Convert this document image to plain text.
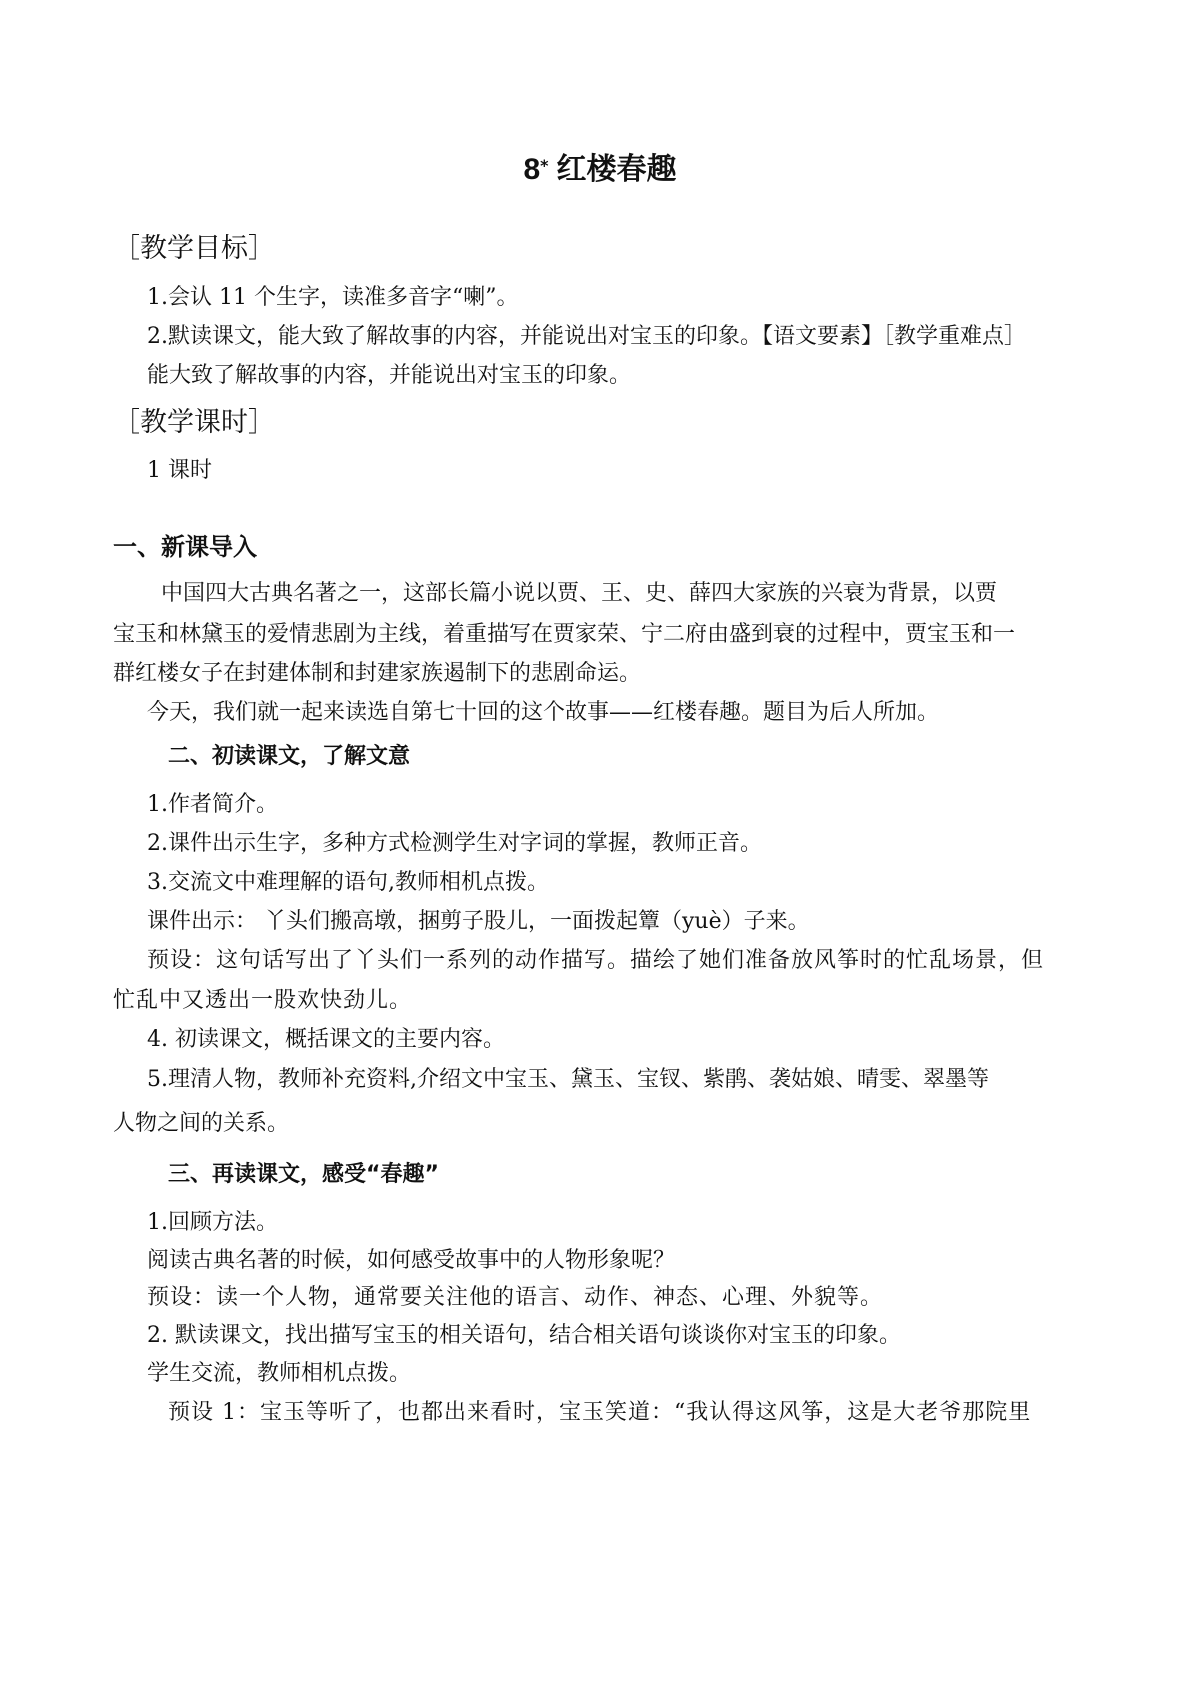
8* 红楼春趣
［教学目标］
1.会认 11 个生字，读准多音字“喇”。
2.默读课文，能大致了解故事的内容，并能说出对宝玉的印象。【语文要素】［教学重难点］
能大致了解故事的内容，并能说出对宝玉的印象。
［教学课时］
1 课时
一、新课导入
中国四大古典名著之一，这部长篇小说以贾、王、史、薛四大家族的兴衰为背景，以贾
宝玉和林黛玉的爱情悲剧为主线，着重描写在贾家荣、宁二府由盛到衰的过程中，贾宝玉和一
群红楼女子在封建体制和封建家族遏制下的悲剧命运。
今天，我们就一起来读选自第七十回的这个故事——红楼春趣。题目为后人所加。
二、初读课文，了解文意
1.作者简介。
2.课件出示生字，多种方式检测学生对字词的掌握，教师正音。
3.交流文中难理解的语句,教师相机点拨。
课件出示： 丫头们搬高墩，捆剪子股儿，一面拨起簟（yuè）子来。
预设：这句话写出了丫头们一系列的动作描写。描绘了她们准备放风筝时的忙乱场景，但
忙乱中又透出一股欢快劲儿。
4. 初读课文，概括课文的主要内容。
5.理清人物，教师补充资料,介绍文中宝玉、黛玉、宝钗、紫鹃、袭姑娘、晴雯、翠墨等
人物之间的关系。
三、再读课文，感受“春趣”
1.回顾方法。
阅读古典名著的时候，如何感受故事中的人物形象呢？
预设：读一个人物，通常要关注他的语言、动作、神态、心理、外貌等。
2. 默读课文，找出描写宝玉的相关语句，结合相关语句谈谈你对宝玉的印象。
学生交流，教师相机点拨。
预设 1：宝玉等听了，也都出来看时，宝玉笑道：“我认得这风筝，这是大老爷那院里
